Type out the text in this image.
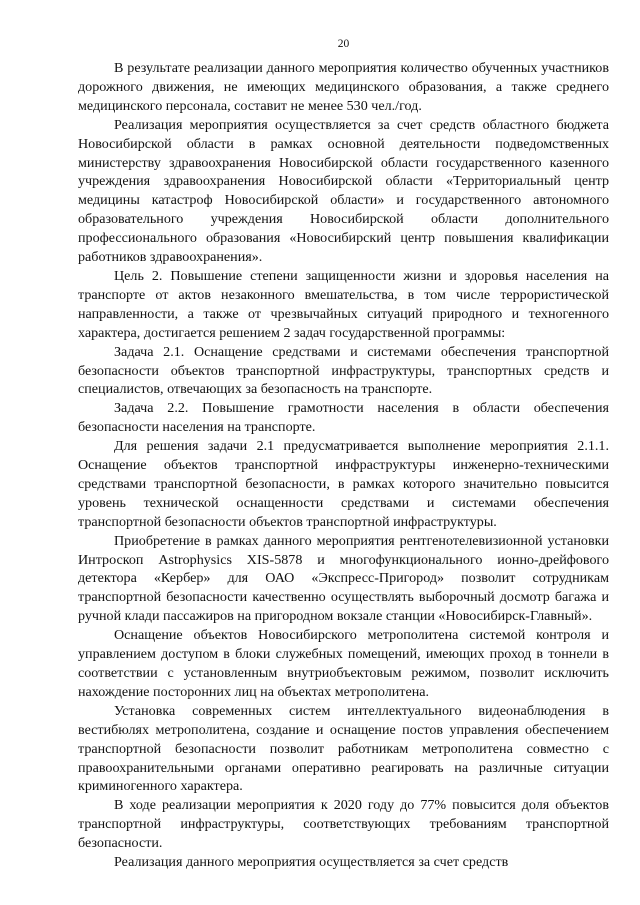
20

В результате реализации данного мероприятия количество обученных участников дорожного движения, не имеющих медицинского образования, а также среднего медицинского персонала, составит не менее 530 чел./год.

Реализация мероприятия осуществляется за счет средств областного бюджета Новосибирской области в рамках основной деятельности подведомственных министерству здравоохранения Новосибирской области государственного казенного учреждения здравоохранения Новосибирской области «Территориальный центр медицины катастроф Новосибирской области» и государственного автономного образовательного учреждения Новосибирской области дополнительного профессионального образования «Новосибирский центр повышения квалификации работников здравоохранения».

Цель 2. Повышение степени защищенности жизни и здоровья населения на транспорте от актов незаконного вмешательства, в том числе террористической направленности, а также от чрезвычайных ситуаций природного и техногенного характера, достигается решением 2 задач государственной программы:

Задача 2.1. Оснащение средствами и системами обеспечения транспортной безопасности объектов транспортной инфраструктуры, транспортных средств и специалистов, отвечающих за безопасность на транспорте.

Задача 2.2. Повышение грамотности населения в области обеспечения безопасности населения на транспорте.

Для решения задачи 2.1 предусматривается выполнение мероприятия 2.1.1. Оснащение объектов транспортной инфраструктуры инженерно-техническими средствами транспортной безопасности, в рамках которого значительно повысится уровень технической оснащенности средствами и системами обеспечения транспортной безопасности объектов транспортной инфраструктуры.

Приобретение в рамках данного мероприятия рентгенотелевизионной установки Интроскоп Astrophysics XIS-5878 и многофункционального ионно-дрейфового детектора «Кербер» для ОАО «Экспресс-Пригород» позволит сотрудникам транспортной безопасности качественно осуществлять выборочный досмотр багажа и ручной клади пассажиров на пригородном вокзале станции «Новосибирск-Главный».

Оснащение объектов Новосибирского метрополитена системой контроля и управлением доступом в блоки служебных помещений, имеющих проход в тоннели в соответствии с установленным внутриобъектовым режимом, позволит исключить нахождение посторонних лиц на объектах метрополитена.

Установка современных систем интеллектуального видеонаблюдения в вестибюлях метрополитена, создание и оснащение постов управления обеспечением транспортной безопасности позволит работникам метрополитена совместно с правоохранительными органами оперативно реагировать на различные ситуации криминогенного характера.

В ходе реализации мероприятия к 2020 году до 77% повысится доля объектов транспортной инфраструктуры, соответствующих требованиям транспортной безопасности.

Реализация данного мероприятия осуществляется за счет средств
